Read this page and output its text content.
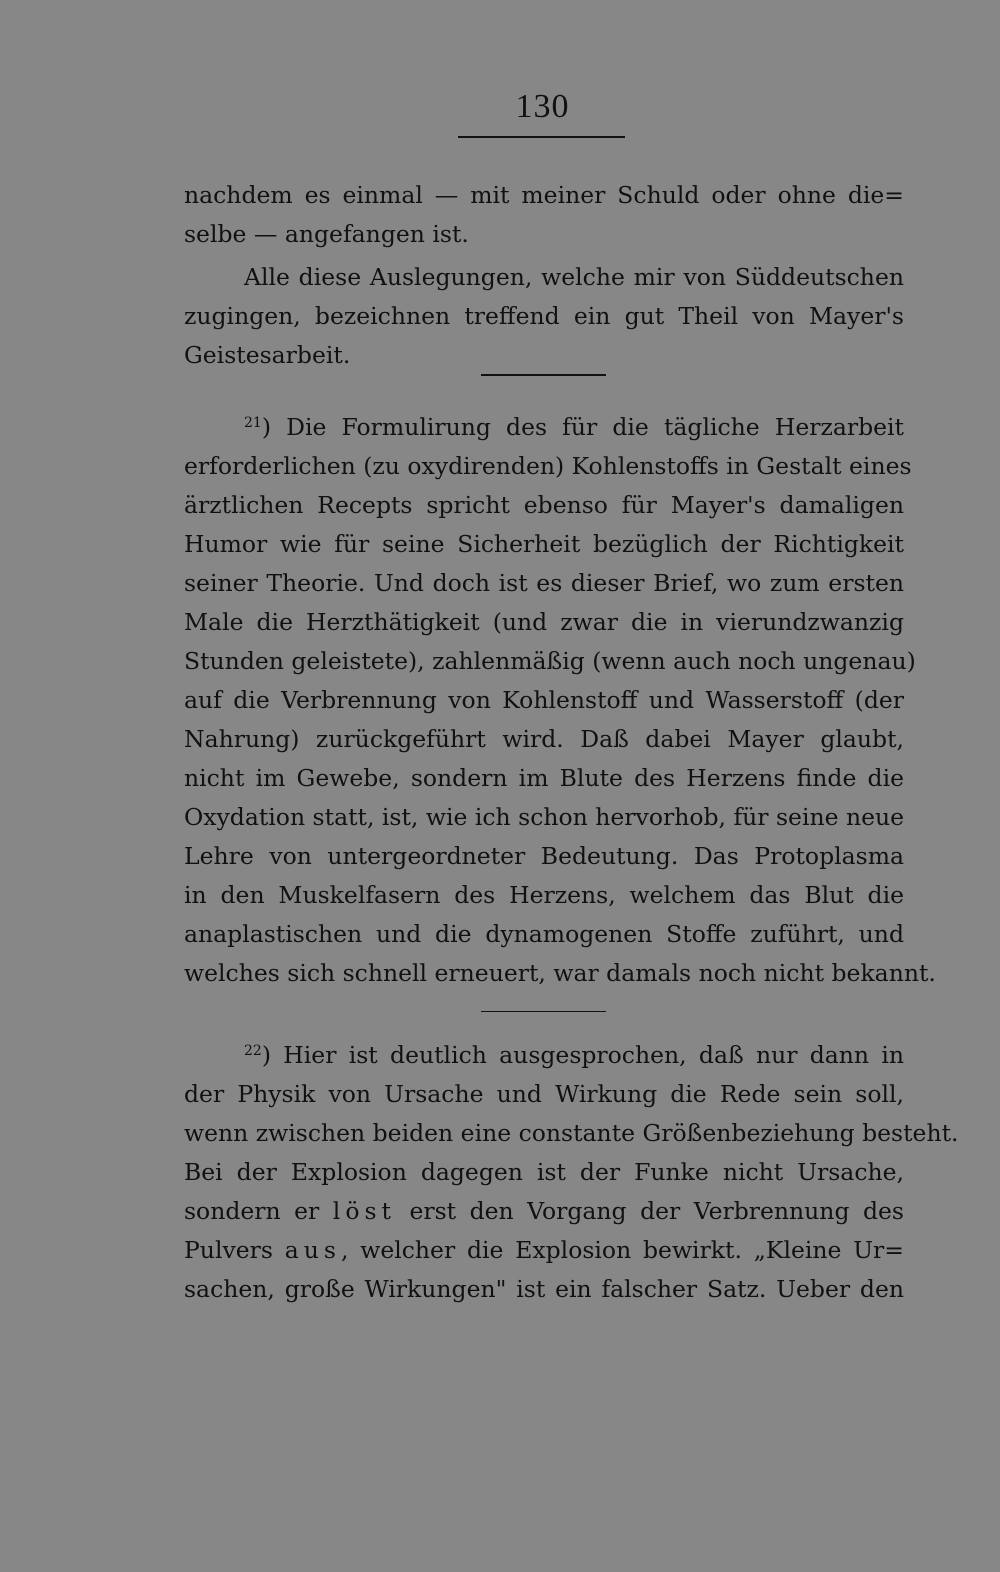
130
nachdem es einmal — mit meiner Schuld oder ohne die=
selbe — angefangen ist.
Alle diese Auslegungen, welche mir von Süddeutschen
zugingen, bezeichnen treffend ein gut Theil von Mayer's
Geistesarbeit.
$^{21}$) Die Formulirung des für die tägliche Herzarbeit
erforderlichen (zu oxydirenden) Kohlenstoffs in Gestalt eines
ärztlichen Recepts spricht ebenso für Mayer's damaligen
Humor wie für seine Sicherheit bezüglich der Richtigkeit
seiner Theorie. Und doch ist es dieser Brief, wo zum ersten
Male die Herzthätigkeit (und zwar die in vierundzwanzig
Stunden geleistete), zahlenmäßig (wenn auch noch ungenau)
auf die Verbrennung von Kohlenstoff und Wasserstoff (der
Nahrung) zurückgeführt wird. Daß dabei Mayer glaubt,
nicht im Gewebe, sondern im Blute des Herzens finde die
Oxydation statt, ist, wie ich schon hervorhob, für seine neue
Lehre von untergeordneter Bedeutung. Das Protoplasma
in den Muskelfasern des Herzens, welchem das Blut die
anaplastischen und die dynamogenen Stoffe zuführt, und
welches sich schnell erneuert, war damals noch nicht bekannt.
$^{22}$) Hier ist deutlich ausgesprochen, daß nur dann in
der Physik von Ursache und Wirkung die Rede sein soll,
wenn zwischen beiden eine constante Größenbeziehung besteht.
Bei der Explosion dagegen ist der Funke nicht Ursache,
sondern er löst erst den Vorgang der Verbrennung des
Pulvers aus, welcher die Explosion bewirkt. „Kleine Ur=
sachen, große Wirkungen" ist ein falscher Satz. Ueber den
